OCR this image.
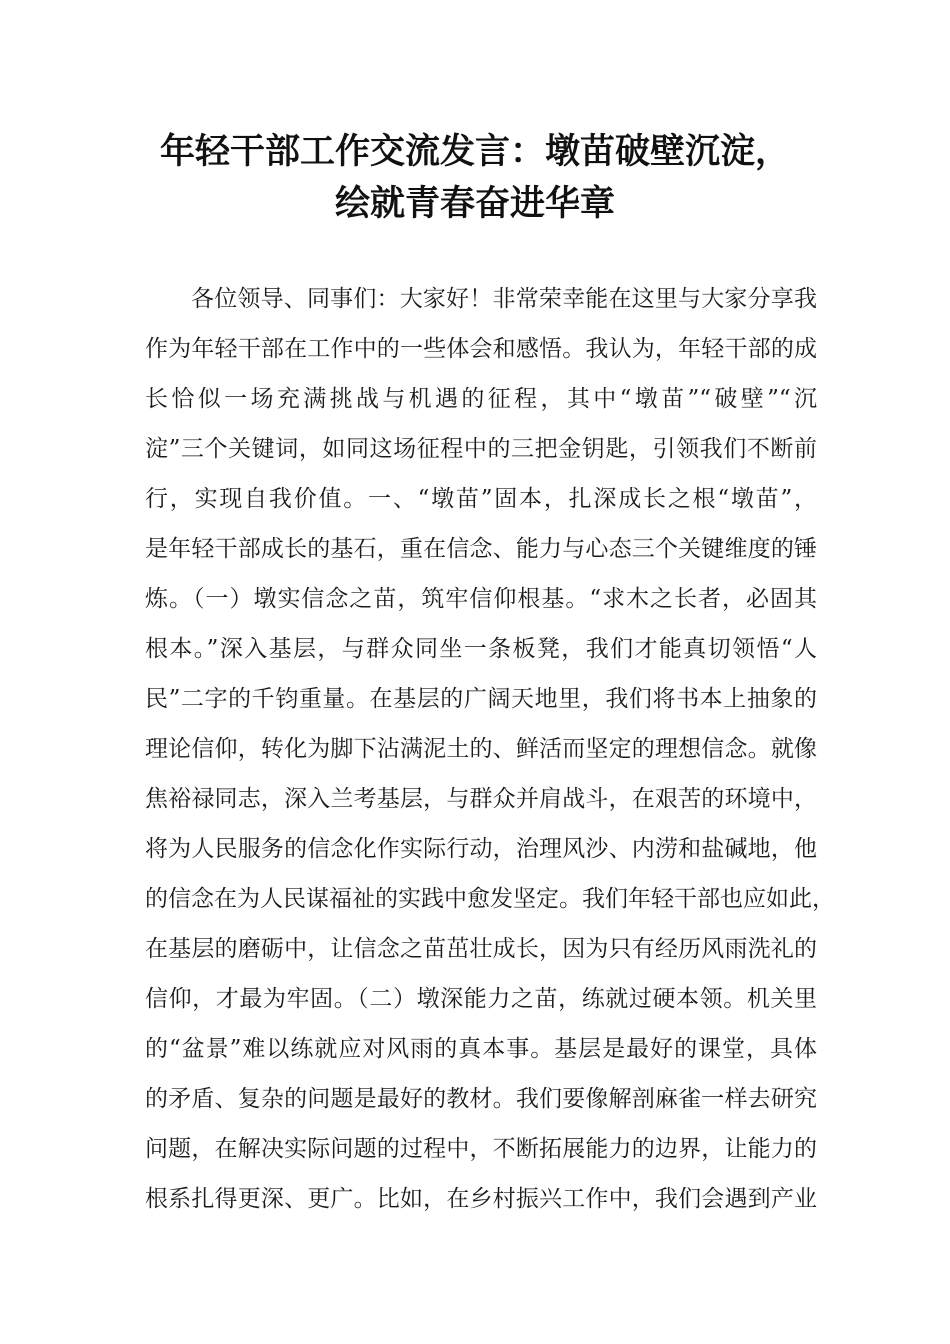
年轻干部工作交流发言：墩苗破壁沉淀，
绘就青春奋进华章
各位领导、同事们：大家好！非常荣幸能在这里与大家分享我
作为年轻干部在工作中的一些体会和感悟。我认为，年轻干部的成
长恰似一场充满挑战与机遇的征程，其中“墩苗”“破壁”“沉
淀”三个关键词，如同这场征程中的三把金钥匙，引领我们不断前
行，实现自我价值。一、“墩苗”固本，扎深成长之根“墩苗”，
是年轻干部成长的基石，重在信念、能力与心态三个关键维度的锤
炼。（一）墩实信念之苗，筑牢信仰根基。“求木之长者，必固其
根本。”深入基层，与群众同坐一条板凳，我们才能真切领悟“人
民”二字的千钧重量。在基层的广阔天地里，我们将书本上抽象的
理论信仰，转化为脚下沾满泥土的、鲜活而坚定的理想信念。就像
焦裕禄同志，深入兰考基层，与群众并肩战斗，在艰苦的环境中，
将为人民服务的信念化作实际行动，治理风沙、内涝和盐碱地，他
的信念在为人民谋福祉的实践中愈发坚定。我们年轻干部也应如此，
在基层的磨砺中，让信念之苗茁壮成长，因为只有经历风雨洗礼的
信仰，才最为牢固。（二）墩深能力之苗，练就过硬本领。机关里
的“盆景”难以练就应对风雨的真本事。基层是最好的课堂，具体
的矛盾、复杂的问题是最好的教材。我们要像解剖麻雀一样去研究
问题，在解决实际问题的过程中，不断拓展能力的边界，让能力的
根系扎得更深、更广。比如，在乡村振兴工作中，我们会遇到产业
